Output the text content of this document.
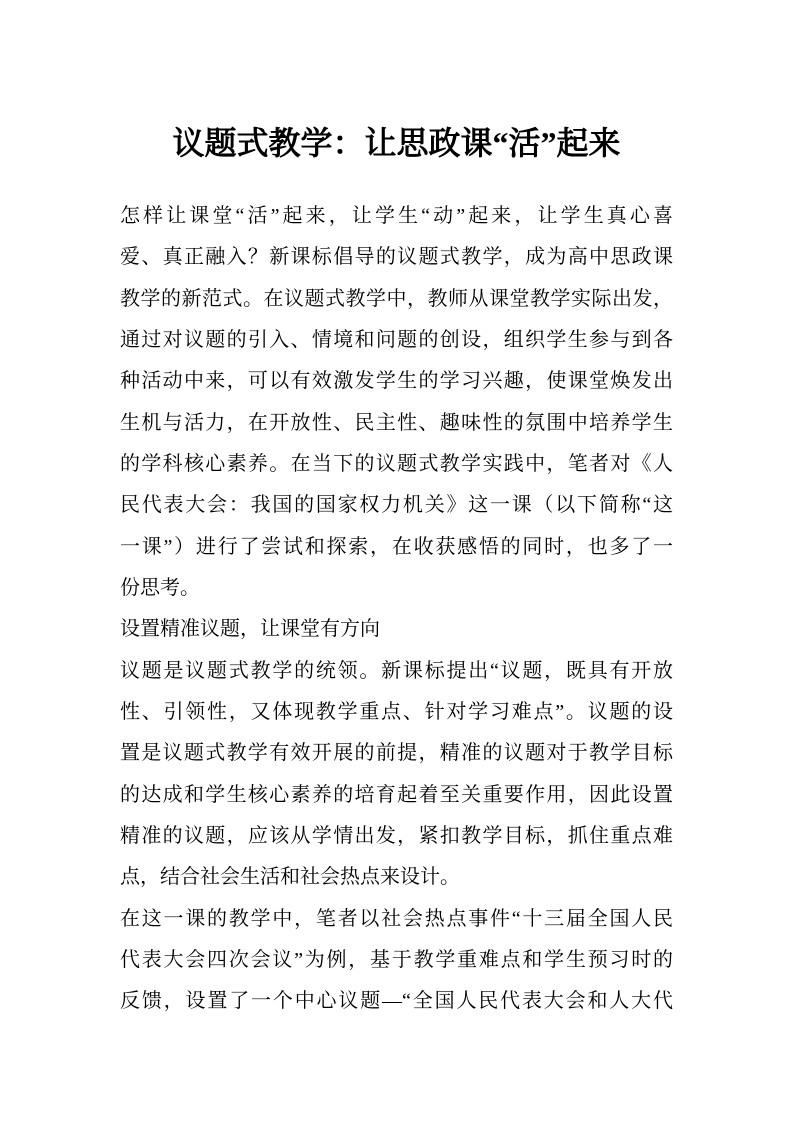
议题式教学：让思政课“活”起来
怎样让课堂“活”起来，让学生“动”起来，让学生真心喜
爱、真正融入？新课标倡导的议题式教学，成为高中思政课
教学的新范式。在议题式教学中，教师从课堂教学实际出发，
通过对议题的引入、情境和问题的创设，组织学生参与到各
种活动中来，可以有效激发学生的学习兴趣，使课堂焕发出
生机与活力，在开放性、民主性、趣味性的氛围中培养学生
的学科核心素养。在当下的议题式教学实践中，笔者对《人
民代表大会：我国的国家权力机关》这一课（以下简称“这
一课”）进行了尝试和探索，在收获感悟的同时，也多了一
份思考。
设置精准议题，让课堂有方向
议题是议题式教学的统领。新课标提出“议题，既具有开放
性、引领性，又体现教学重点、针对学习难点”。议题的设
置是议题式教学有效开展的前提，精准的议题对于教学目标
的达成和学生核心素养的培育起着至关重要作用，因此设置
精准的议题，应该从学情出发，紧扣教学目标，抓住重点难
点，结合社会生活和社会热点来设计。
在这一课的教学中，笔者以社会热点事件“十三届全国人民
代表大会四次会议”为例，基于教学重难点和学生预习时的
反馈，设置了一个中心议题—“全国人民代表大会和人大代
